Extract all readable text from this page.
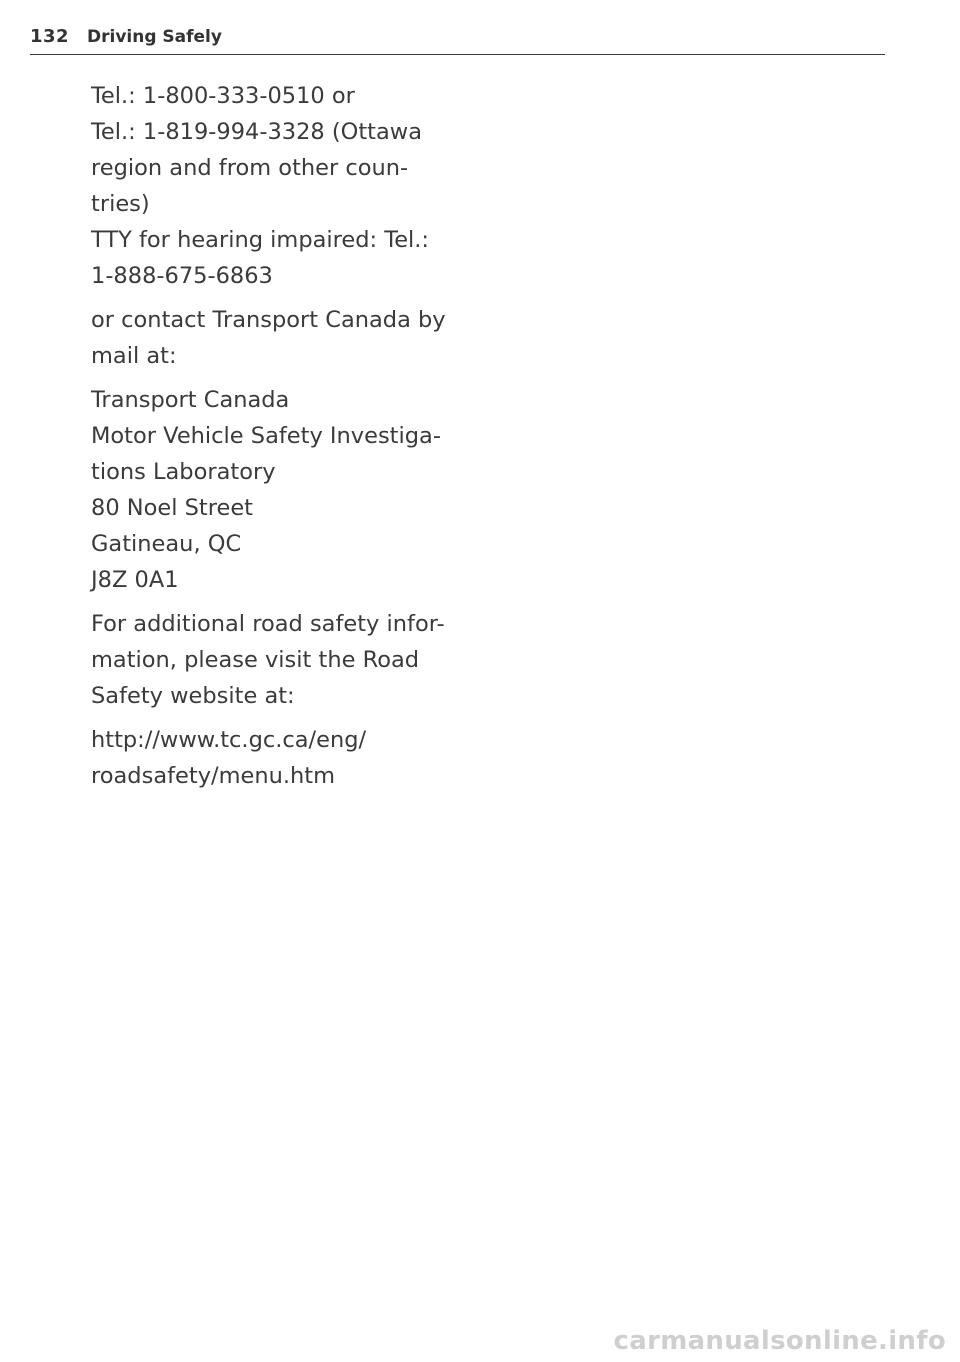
132 Driving Safely

Tel.: 1-800-333-0510 or
Tel.: 1-819-994-3328 (Ottawa
region and from other coun-
tries)
TTY for hearing impaired: Tel.:
1-888-675-6863

or contact Transport Canada by
mail at:

Transport Canada
Motor Vehicle Safety Investiga-
tions Laboratory
80 Noel Street
Gatineau, QC
J8Z 0A1

For additional road safety infor-
mation, please visit the Road
Safety website at:

http://www.tc.gc.ca/eng/
roadsafety/menu.htm

carmanualsonline.info
